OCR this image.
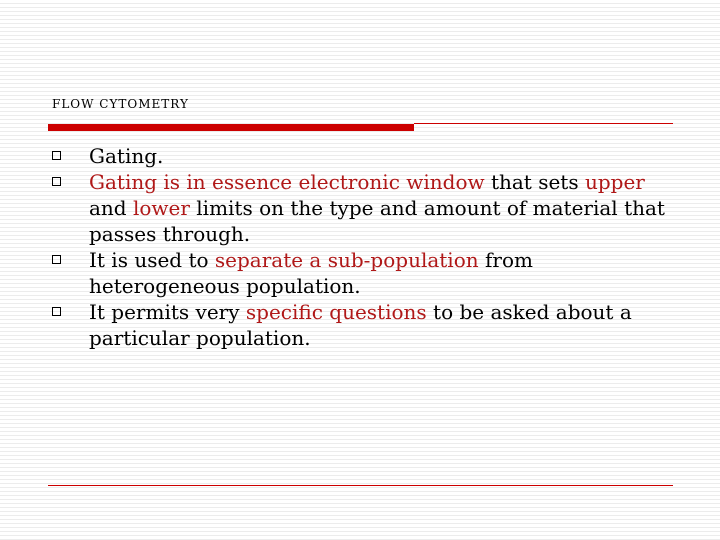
FLOW CYTOMETRY
Gating.
Gating is in essence electronic window that sets upper and lower limits on the type and amount of material that passes through.
It is used to separate a sub-population from heterogeneous population.
It permits very specific questions to be asked about a particular population.
